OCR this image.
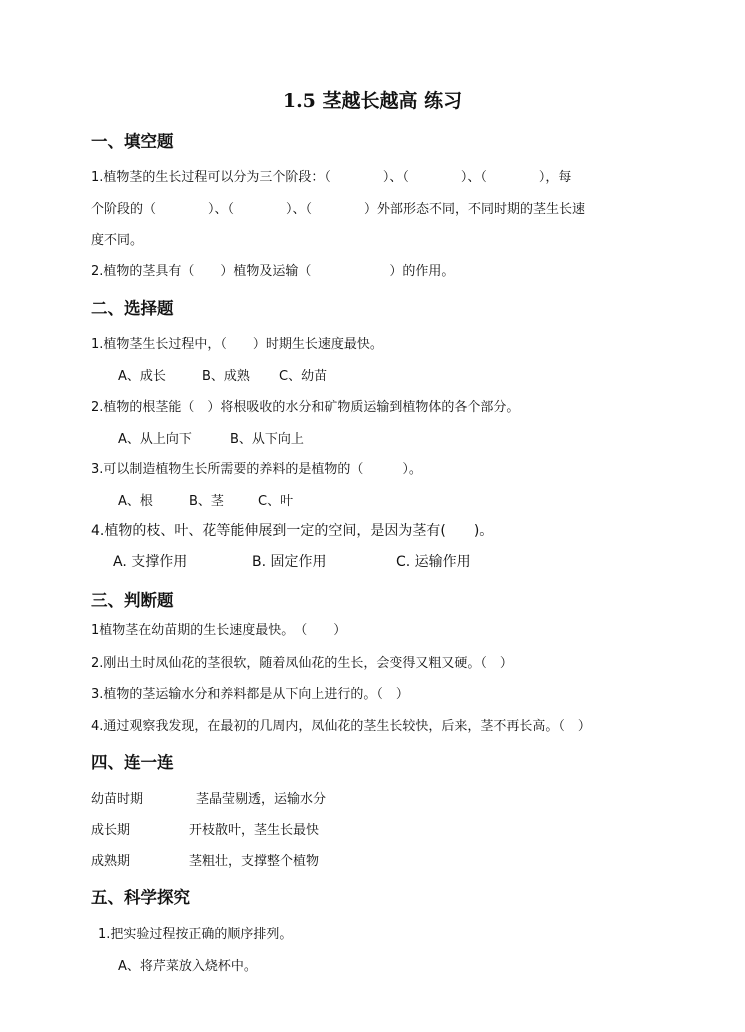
1.5 茎越长越高 练习
一、填空题
1.植物茎的生长过程可以分为三个阶段：（　　　　）、（　　　　）、（　　　　），每
个阶段的（　　　　）、（　　　　）、（　　　　）外部形态不同，不同时期的茎生长速
度不同。
2.植物的茎具有（　　）植物及运输（　　　　　　）的作用。
二、选择题
1.植物茎生长过程中，（　　）时期生长速度最快。
A、成长	B、成熟 C、幼苗
2.植物的根茎能（　）将根吸收的水分和矿物质运输到植物体的各个部分。
A、从上向下	B、从下向上
3.可以制造植物生长所需要的养料的是植物的（　　　）。
A、根	B、茎	C、叶
4.植物的枝、叶、花等能伸展到一定的空间，是因为茎有(　　)。
A. 支撑作用	B. 固定作用	C. 运输作用
三、判断题
1植物茎在幼苗期的生长速度最快。　（　　）
2.刚出土时凤仙花的茎很软，随着凤仙花的生长，会变得又粗又硬。（　）
3.植物的茎运输水分和养料都是从下向上进行的。（　）
4.通过观察我发现，在最初的几周内，凤仙花的茎生长较快，后来，茎不再长高。（　）
四、连一连
幼苗时期	茎晶莹剔透，运输水分
成长期	开枝散叶，茎生长最快
成熟期	茎粗壮，支撑整个植物
五、科学探究
1.把实验过程按正确的顺序排列。
A、将芹菜放入烧杯中。
